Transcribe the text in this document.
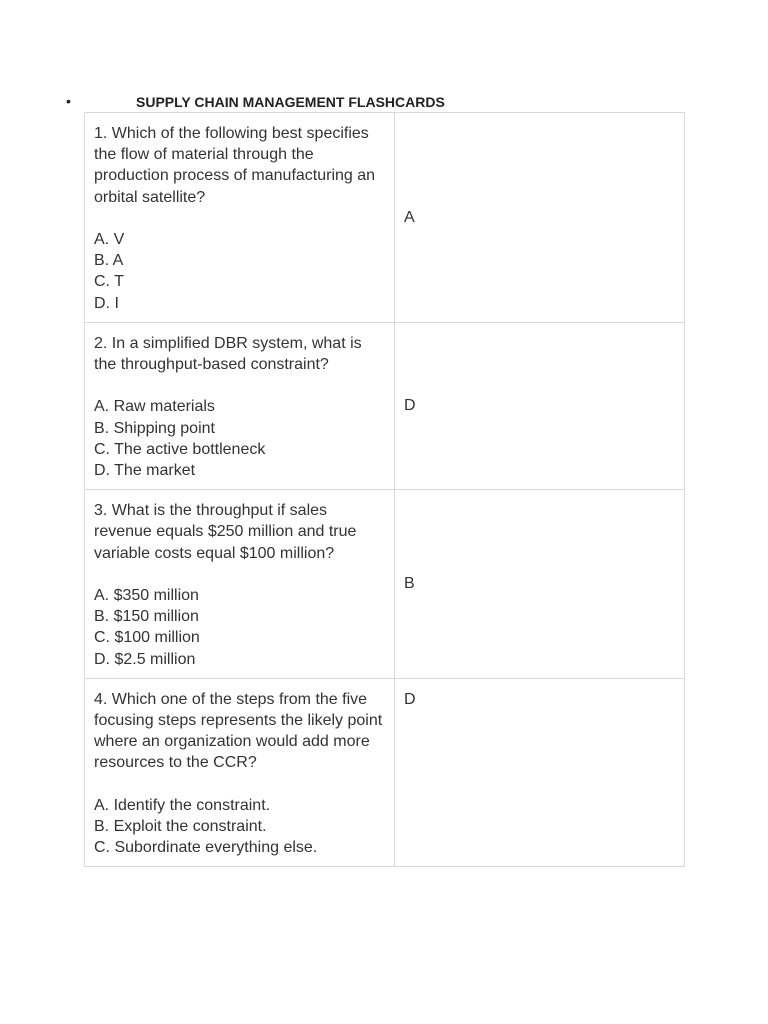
•	SUPPLY CHAIN MANAGEMENT FLASHCARDS
1. Which of the following best specifies the flow of material through the production process of manufacturing an orbital satellite?
A. V
B. A
C. T
D. I	A

2. In a simplified DBR system, what is the throughput-based constraint?
A. Raw materials
B. Shipping point
C. The active bottleneck
D. The market	D

3. What is the throughput if sales revenue equals $250 million and true variable costs equal $100 million?
A. $350 million
B. $150 million
C. $100 million
D. $2.5 million	B

4. Which one of the steps from the five focusing steps represents the likely point where an organization would add more resources to the CCR?
A. Identify the constraint.
B. Exploit the constraint.
C. Subordinate everything else.	D
